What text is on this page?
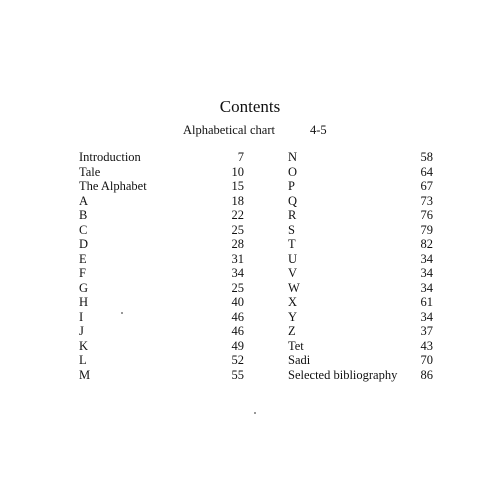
Contents
Alphabetical chart	4-5
Introduction	7
Tale	10
The Alphabet	15
A	18
B	22
C	25
D	28
E	31
F	34
G	25
H	40
I	46
J	46
K	49
L	52
M	55
N	58
O	64
P	67
Q	73
R	76
S	79
T	82
U	34
V	34
W	34
X	61
Y	34
Z	37
Tet	43
Sadi	70
Selected bibliography 86
